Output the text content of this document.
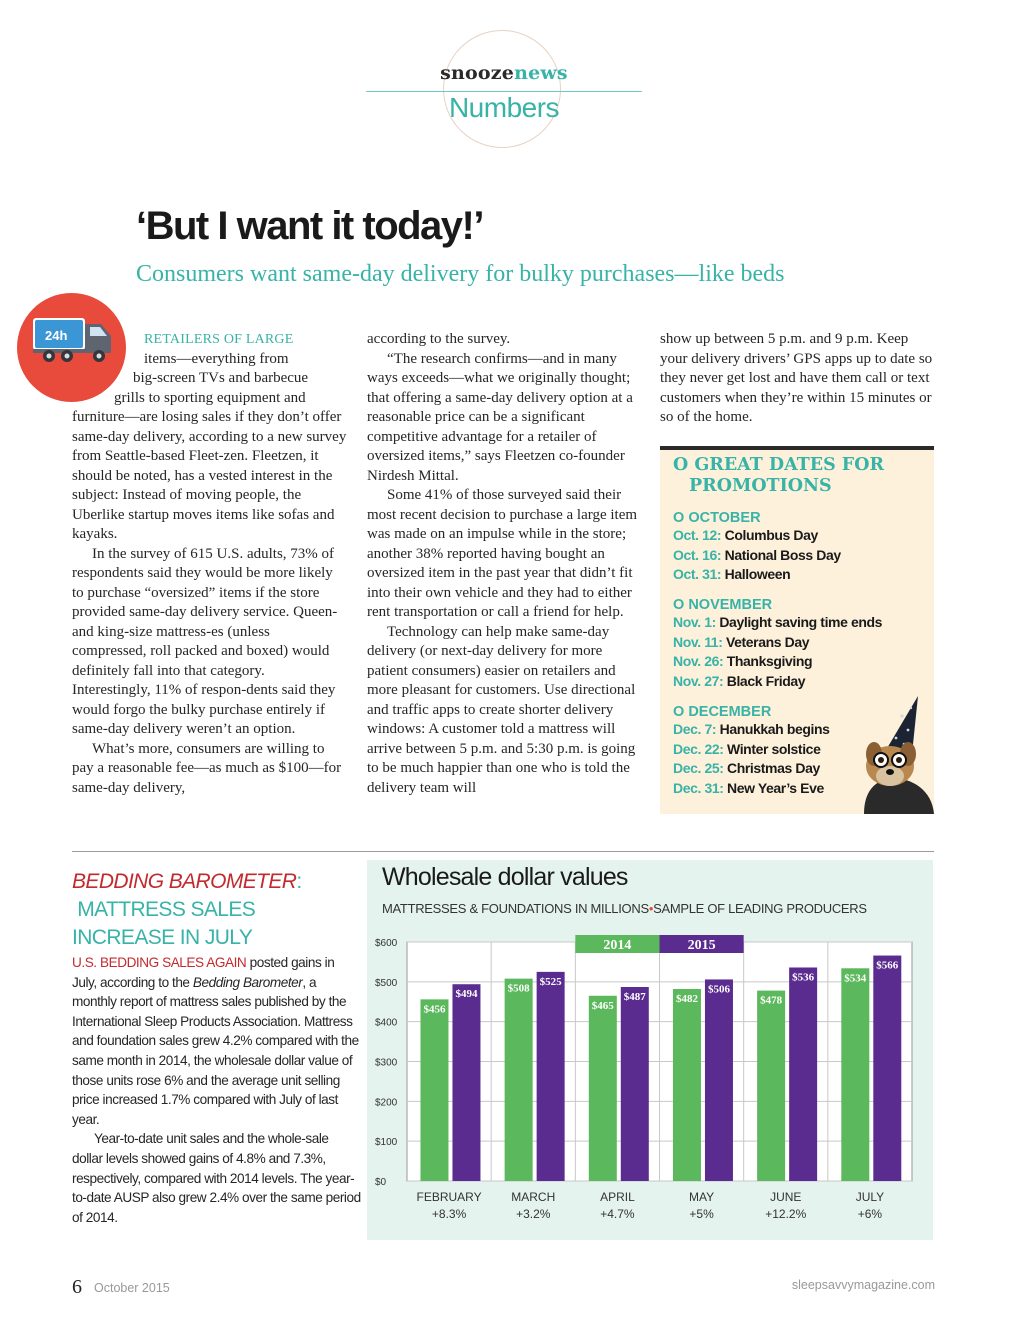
snoozenews
Numbers
‘But I want it today!’
Consumers want same-day delivery for bulky purchases—like beds
24h	RETAILERS OF LARGE
items—everything from
big-screen TVs and barbecue
grills to sporting equipment and

furniture—are losing sales if they don’t offer same-day delivery, according to a new survey from Seattle-based Fleet-zen. Fleetzen, it should be noted, has a vested interest in the subject: Instead of moving people, the Uberlike startup moves items like sofas and kayaks.

In the survey of 615 U.S. adults, 73% of respondents said they would be more likely to purchase “oversized” items if the store provided same-day delivery service. Queen- and king-size mattress-es (unless compressed, roll packed and boxed) would definitely fall into that category. Interestingly, 11% of respon-dents said they would forgo the bulky purchase entirely if same-day delivery weren’t an option.

What’s more, consumers are willing to pay a reasonable fee—as much as $100—for same-day delivery,

according to the survey.

“The research confirms—and in many ways exceeds—what we originally thought; that offering a same-day delivery option at a reasonable price can be a significant competitive advantage for a retailer of oversized items,” says Fleetzen co-founder Nirdesh Mittal.

Some 41% of those surveyed said their most recent decision to purchase a large item was made on an impulse while in the store; another 38% reported having bought an oversized item in the past year that didn’t fit into their own vehicle and they had to either rent transportation or call a friend for help.

Technology can help make same-day delivery (or next-day delivery for more patient consumers) easier on retailers and more pleasant for customers. Use directional and traffic apps to create shorter delivery windows: A customer told a mattress will arrive between 5 p.m. and 5:30 p.m. is going to be much happier than one who is told the delivery team will

show up between 5 p.m. and 9 p.m. Keep your delivery drivers’ GPS apps up to date so they never get lost and have them call or text customers when they’re within 15 minutes or so of the home.

O GREAT DATES FOR
PROMOTIONS
O OCTOBER
Oct. 12: Columbus Day
Oct. 16: National Boss Day
Oct. 31: Halloween
O NOVEMBER
Nov. 1: Daylight saving time ends
Nov. 11: Veterans Day
Nov. 26: Thanksgiving
Nov. 27: Black Friday
O DECEMBER
Dec. 7: Hanukkah begins
Dec. 22: Winter solstice
Dec. 25: Christmas Day
Dec. 31: New Year’s Eve
BEDDING BAROMETER:
MATTRESS SALES
INCREASE IN JULY

U.S. BEDDING SALES AGAIN posted gains in July, according to the Bedding Barometer, a monthly report of mattress sales published by the International Sleep Products Association. Mattress and foundation sales grew 4.2% compared with the same month in 2014, the wholesale dollar value of those units rose 6% and the average unit selling price increased 1.7% compared with July of last year.

Year-to-date unit sales and the whole-sale dollar levels showed gains of 4.8% and 7.3%, respectively, compared with 2014 levels. The year-to-date AUSP also grew 2.4% over the same period of 2014.

Wholesale dollar values
MATTRESSES & FOUNDATIONS IN MILLIONS•SAMPLE OF LEADING PRODUCERS
$0
$100
$200
$300
$400
$500
$600
$456
$494
FEBRUARY
+8.3%
$508
$525
MARCH
+3.2%
$465
$487
APRIL
+4.7%
$482
$506
MAY
+5%
$478
$536
JUNE
+12.2%
$534
$566
JULY
+6%
2014	2015
6 October 2015	sleepsavvymagazine.com
